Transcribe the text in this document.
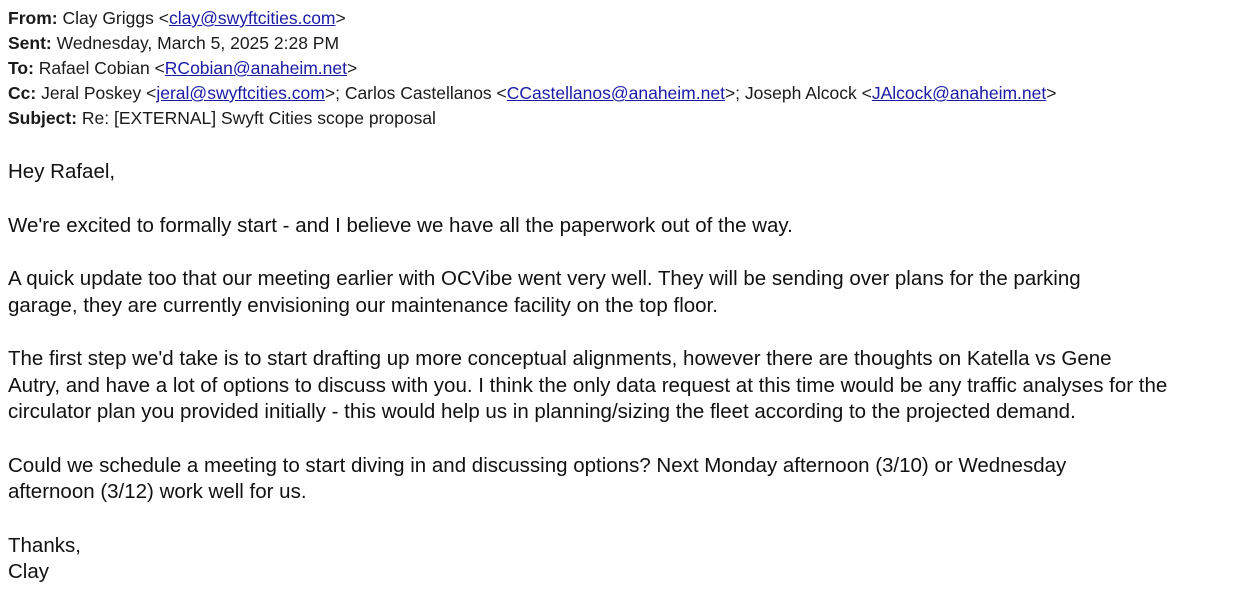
From: Clay Griggs <clay@swyftcities.com>
Sent: Wednesday, March 5, 2025 2:28 PM
To: Rafael Cobian <RCobian@anaheim.net>
Cc: Jeral Poskey <jeral@swyftcities.com>; Carlos Castellanos <CCastellanos@anaheim.net>; Joseph Alcock <JAlcock@anaheim.net>
Subject: Re: [EXTERNAL] Swyft Cities scope proposal

Hey Rafael,

We're excited to formally start - and I believe we have all the paperwork out of the way.

A quick update too that our meeting earlier with OCVibe went very well. They will be sending over plans for the parking
garage, they are currently envisioning our maintenance facility on the top floor.

The first step we'd take is to start drafting up more conceptual alignments, however there are thoughts on Katella vs Gene
Autry, and have a lot of options to discuss with you. I think the only data request at this time would be any traffic analyses for the
circulator plan you provided initially - this would help us in planning/sizing the fleet according to the projected demand.

Could we schedule a meeting to start diving in and discussing options? Next Monday afternoon (3/10) or Wednesday
afternoon (3/12) work well for us.

Thanks,
Clay
